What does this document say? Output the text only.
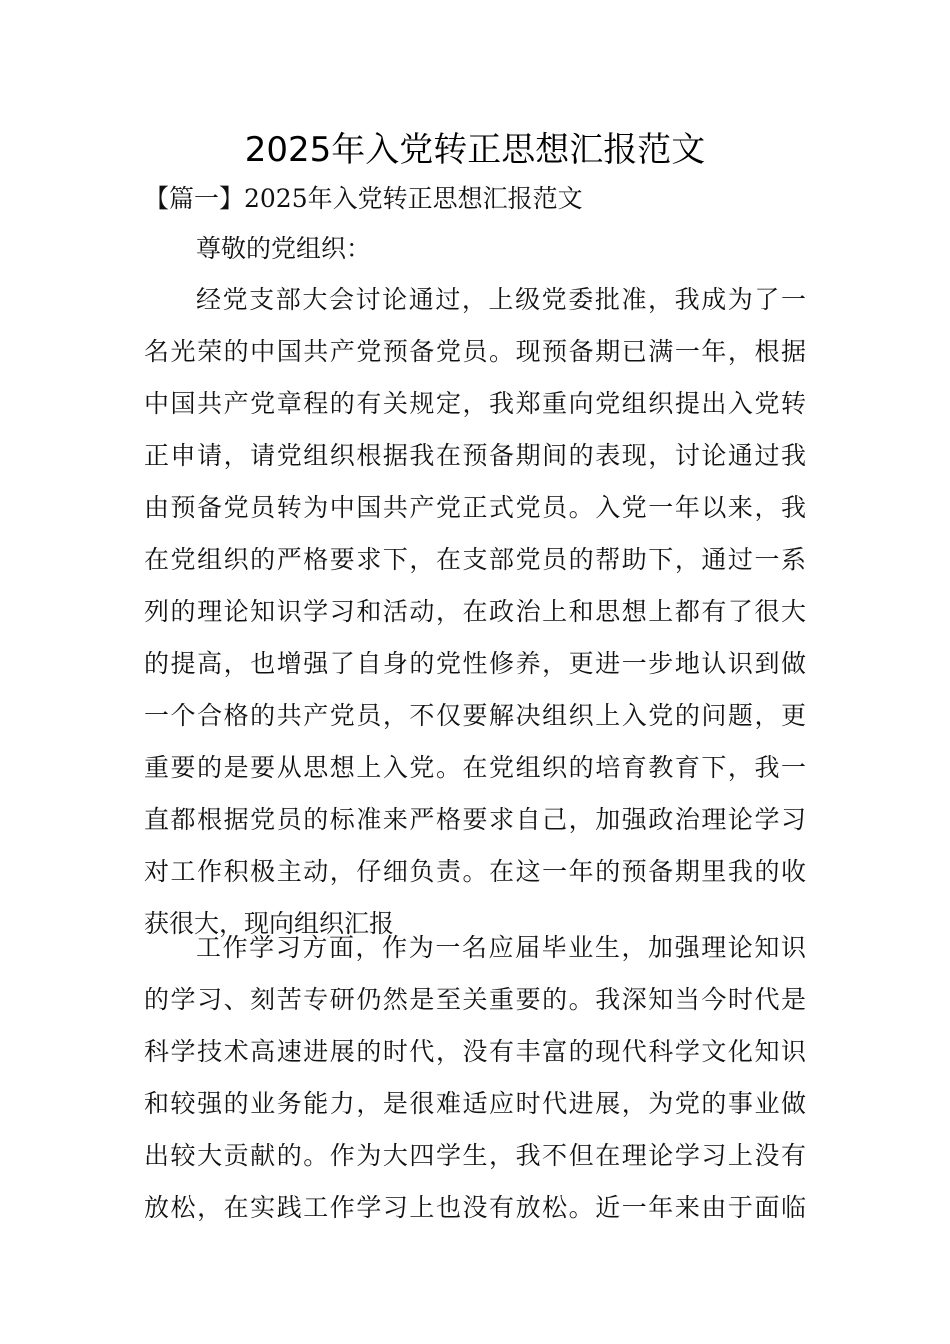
2025年入党转正思想汇报范文
【篇一】2025年入党转正思想汇报范文
尊敬的党组织：
经党支部大会讨论通过，上级党委批准，我成为了一
名光荣的中国共产党预备党员。现预备期已满一年，根据
中国共产党章程的有关规定，我郑重向党组织提出入党转
正申请，请党组织根据我在预备期间的表现，讨论通过我
由预备党员转为中国共产党正式党员。入党一年以来，我
在党组织的严格要求下，在支部党员的帮助下，通过一系
列的理论知识学习和活动，在政治上和思想上都有了很大
的提高，也增强了自身的党性修养，更进一步地认识到做
一个合格的共产党员，不仅要解决组织上入党的问题，更
重要的是要从思想上入党。在党组织的培育教育下，我一
直都根据党员的标准来严格要求自己，加强政治理论学习
对工作积极主动，仔细负责。在这一年的预备期里我的收
获很大，现向组织汇报
工作学习方面，作为一名应届毕业生，加强理论知识
的学习、刻苦专研仍然是至关重要的。我深知当今时代是
科学技术高速进展的时代，没有丰富的现代科学文化知识
和较强的业务能力，是很难适应时代进展，为党的事业做
出较大贡献的。作为大四学生，我不但在理论学习上没有
放松，在实践工作学习上也没有放松。近一年来由于面临
